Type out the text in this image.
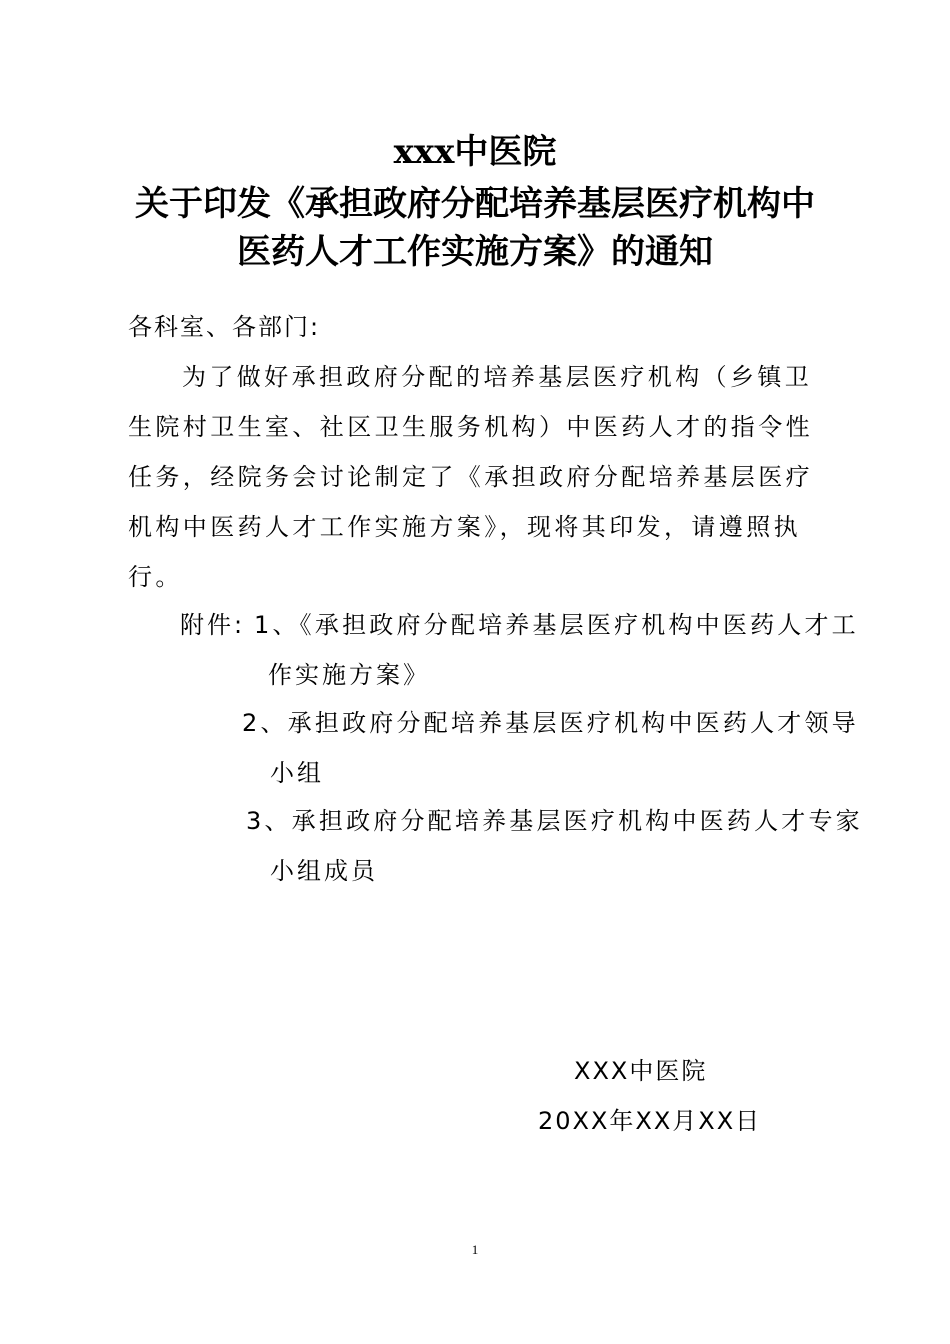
xxx中医院
关于印发《承担政府分配培养基层医疗机构中
医药人才工作实施方案》的通知
各科室、各部门:
为了做好承担政府分配的培养基层医疗机构（乡镇卫生院村卫生室、社区卫生服务机构）中医药人才的指令性任务，经院务会讨论制定了《承担政府分配培养基层医疗机构中医药人才工作实施方案》，现将其印发，请遵照执行。
附件: 1、《承担政府分配培养基层医疗机构中医药人才工
作实施方案》
2、承担政府分配培养基层医疗机构中医药人才领导
小组
3、承担政府分配培养基层医疗机构中医药人才专家
小组成员
XXX中医院
20XX年XX月XX日
1
